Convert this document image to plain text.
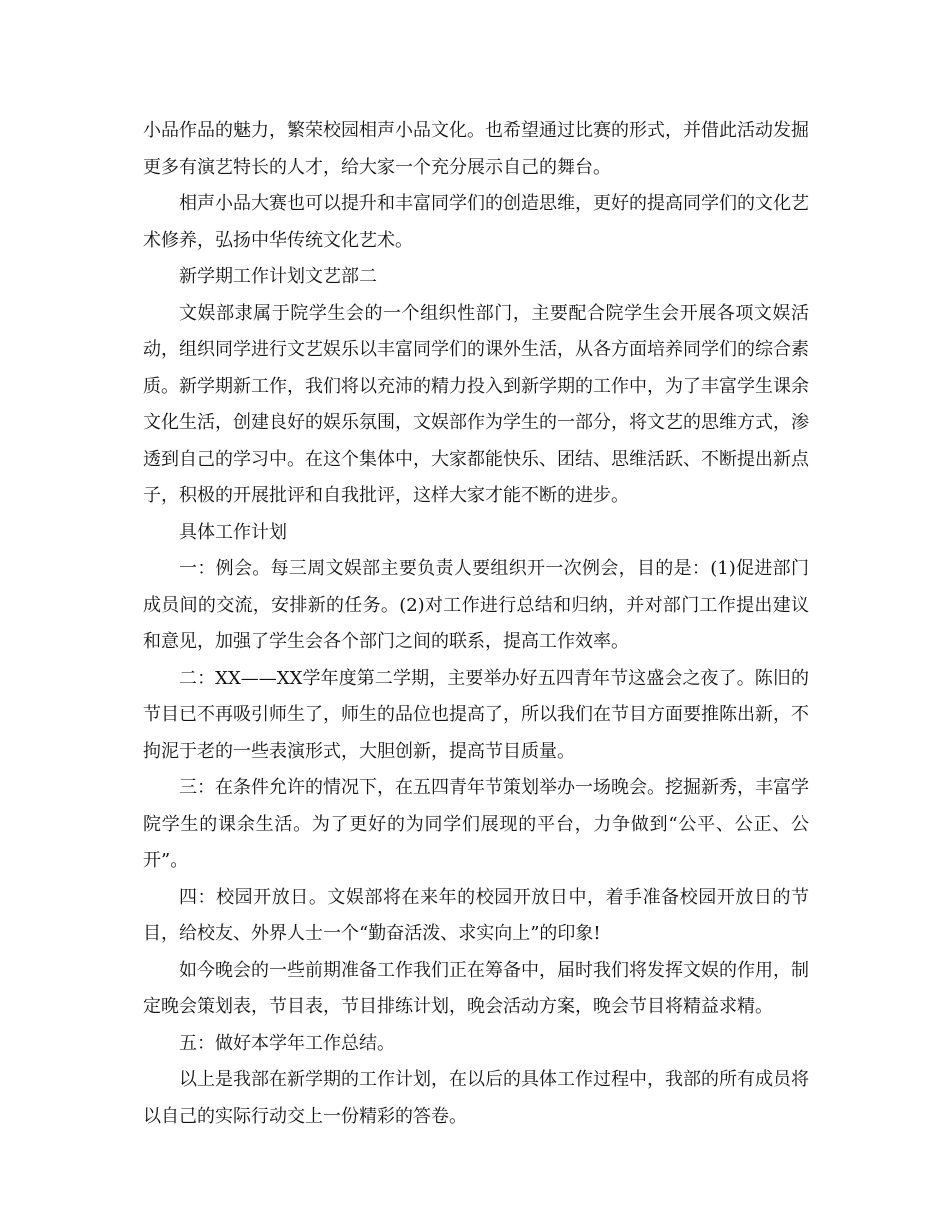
小品作品的魅力，繁荣校园相声小品文化。也希望通过比赛的形式，并借此活动发掘更多有演艺特长的人才，给大家一个充分展示自己的舞台。

相声小品大赛也可以提升和丰富同学们的创造思维，更好的提高同学们的文化艺术修养，弘扬中华传统文化艺术。

新学期工作计划文艺部二

文娱部隶属于院学生会的一个组织性部门，主要配合院学生会开展各项文娱活动，组织同学进行文艺娱乐以丰富同学们的课外生活，从各方面培养同学们的综合素质。新学期新工作，我们将以充沛的精力投入到新学期的工作中，为了丰富学生课余文化生活，创建良好的娱乐氛围，文娱部作为学生的一部分，将文艺的思维方式，渗透到自己的学习中。在这个集体中，大家都能快乐、团结、思维活跃、不断提出新点子，积极的开展批评和自我批评，这样大家才能不断的进步。

具体工作计划

一：例会。每三周文娱部主要负责人要组织开一次例会，目的是：(1)促进部门成员间的交流，安排新的任务。(2)对工作进行总结和归纳，并对部门工作提出建议和意见，加强了学生会各个部门之间的联系，提高工作效率。

二：XX——XX学年度第二学期，主要举办好五四青年节这盛会之夜了。陈旧的节目已不再吸引师生了，师生的品位也提高了，所以我们在节目方面要推陈出新，不拘泥于老的一些表演形式，大胆创新，提高节目质量。

三：在条件允许的情况下，在五四青年节策划举办一场晚会。挖掘新秀，丰富学院学生的课余生活。为了更好的为同学们展现的平台，力争做到“公平、公正、公开”。

四：校园开放日。文娱部将在来年的校园开放日中，着手准备校园开放日的节目，给校友、外界人士一个“勤奋活泼、求实向上”的印象!

如今晚会的一些前期准备工作我们正在筹备中，届时我们将发挥文娱的作用，制定晚会策划表，节目表，节目排练计划，晚会活动方案，晚会节目将精益求精。

五：做好本学年工作总结。

以上是我部在新学期的工作计划，在以后的具体工作过程中，我部的所有成员将以自己的实际行动交上一份精彩的答卷。
